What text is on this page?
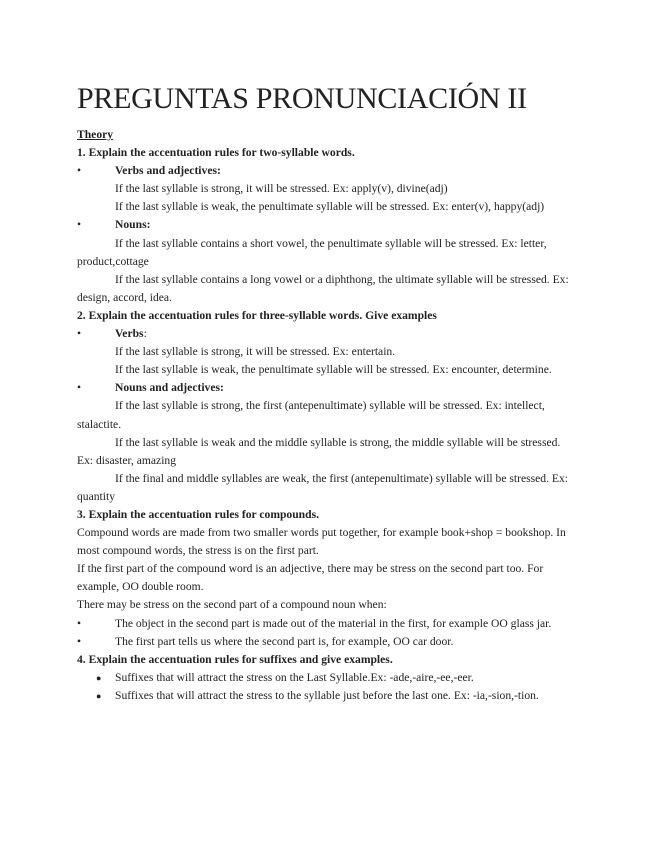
PREGUNTAS PRONUNCIACIÓN II

Theory

1. Explain the accentuation rules for two-syllable words.

•	Verbs and adjectives:

If the last syllable is strong, it will be stressed. Ex: apply(v), divine(adj)

If the last syllable is weak, the penultimate syllable will be stressed. Ex: enter(v), happy(adj)

•	Nouns:

If the last syllable contains a short vowel, the penultimate syllable will be stressed. Ex: letter, product,cottage

If the last syllable contains a long vowel or a diphthong, the ultimate syllable will be stressed. Ex: design, accord, idea.

2. Explain the accentuation rules for three-syllable words. Give examples

•	Verbs:

If the last syllable is strong, it will be stressed. Ex: entertain.

If the last syllable is weak, the penultimate syllable will be stressed. Ex: encounter, determine.

•	Nouns and adjectives:

If the last syllable is strong, the first (antepenultimate) syllable will be stressed. Ex: intellect, stalactite.

If the last syllable is weak and the middle syllable is strong, the middle syllable will be stressed. Ex: disaster, amazing

If the final and middle syllables are weak, the first (antepenultimate) syllable will be stressed. Ex: quantity

3. Explain the accentuation rules for compounds.

Compound words are made from two smaller words put together, for example book+shop = bookshop. In most compound words, the stress is on the first part.

If the first part of the compound word is an adjective, there may be stress on the second part too. For example, OO double room.

There may be stress on the second part of a compound noun when:

•	The object in the second part is made out of the material in the first, for example OO glass jar.

•	The first part tells us where the second part is, for example, OO car door.

4. Explain the accentuation rules for suffixes and give examples.

● Suffixes that will attract the stress on the Last Syllable.Ex: -ade,-aire,-ee,-eer.

● Suffixes that will attract the stress to the syllable just before the last one. Ex: -ia,-sion,-tion.
